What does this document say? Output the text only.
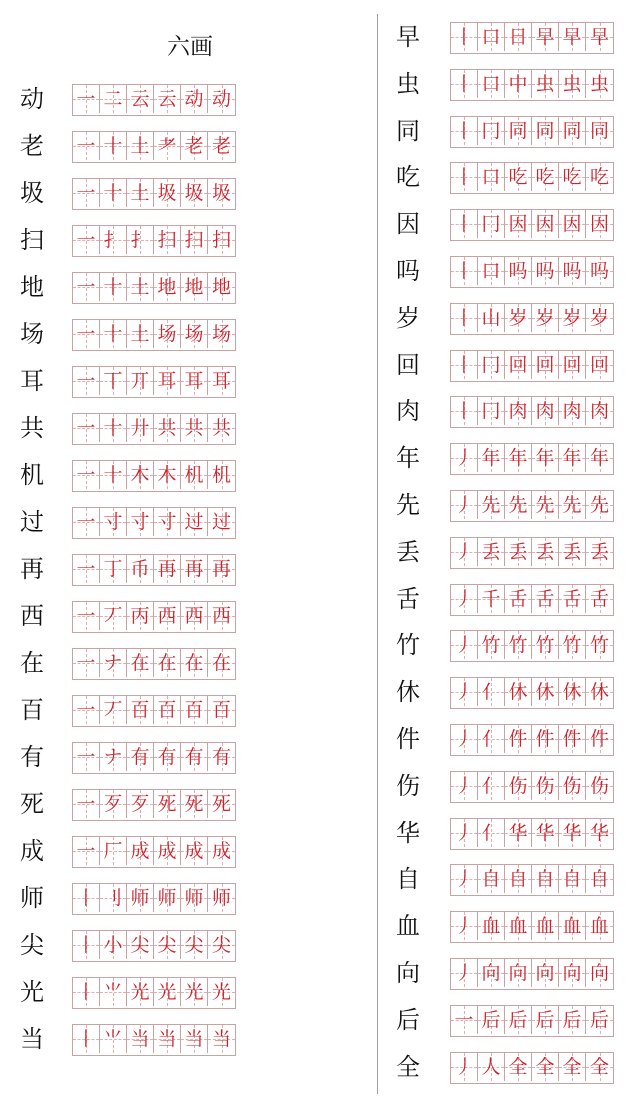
六画
动	一 二 云 云 动 动
老	一 十 土 耂 老 老
圾	一 十 土 圾 圾 圾
扫	一 扌 扌 扫 扫 扫
地	一 十 土 地 地 地
场	一 十 土 场 场 场
耳	一 丅 丌 耳 耳 耳
共	一 十 廾 共 共 共
机	一 十 木 木 机 机
过	一 寸 寸 寸 过 过
再	一 丁 币 再 再 再
西	一 丆 丙 西 西 西
在	一 ナ 在 在 在 在
百	一 丆 百 百 百 百
有	一 ナ 有 有 有 有
死	一 歹 歹 死 死 死
成	一 厂 成 成 成 成
师	丨 刂 师 师 师 师
尖	丨 小 尖 尖 尖 尖
光	丨 ⺌ 光 光 光 光
当	丨 ⺌ 当 当 当 当
早	丨 口 日 早 早 早
虫	丨 口 中 虫 虫 虫
同	丨 冂 同 同 同 同
吃	丨 口 吃 吃 吃 吃
因	丨 冂 因 因 因 因
吗	丨 口 吗 吗 吗 吗
岁	丨 山 岁 岁 岁 岁
回	丨 冂 回 回 回 回
肉	丨 冂 肉 肉 肉 肉
年	丿 年 年 年 年 年
先	丿 先 先 先 先 先
丢	丿 丢 丢 丢 丢 丢
舌	丿 千 舌 舌 舌 舌
竹	丿 竹 竹 竹 竹 竹
休	丿 亻 休 休 休 休
件	丿 亻 件 件 件 件
伤	丿 亻 伤 伤 伤 伤
华	丿 亻 华 华 华 华
自	丿 自 自 自 自 自
血	丿 血 血 血 血 血
向	丿 向 向 向 向 向
后	一 后 后 后 后 后
全	丿 人 全 全 全 全
